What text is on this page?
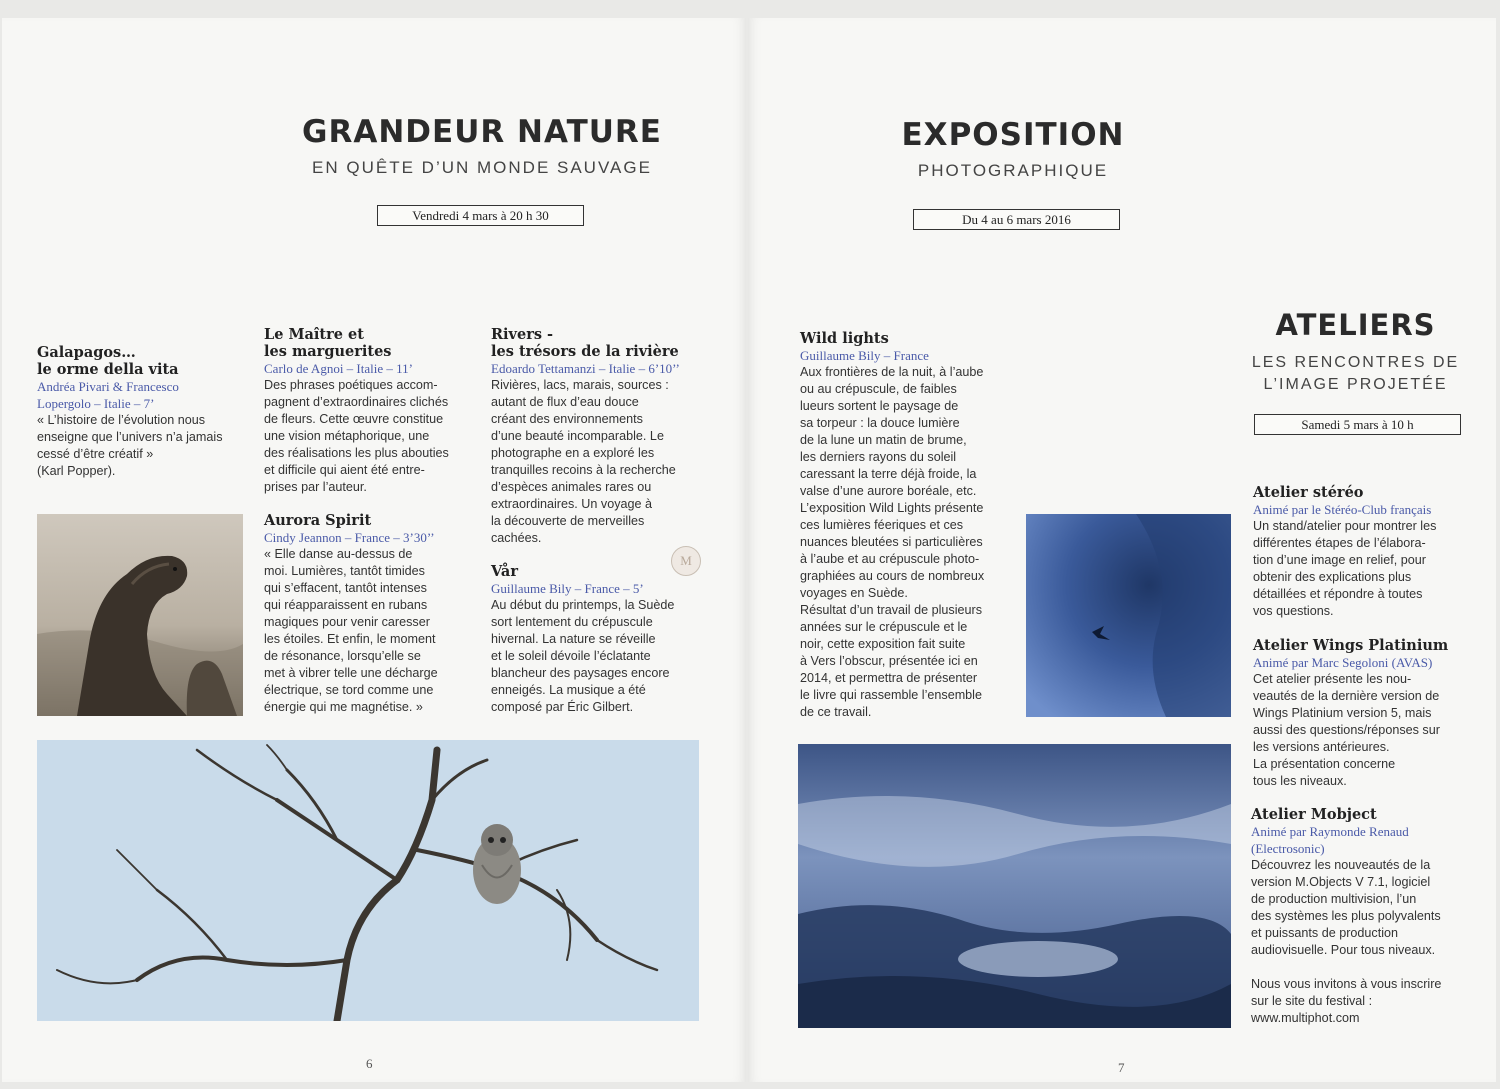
GRANDEUR NATURE

EN QUÊTE D’UN MONDE SAUVAGE

Vendredi 4 mars à 20 h 30
Galapagos…
le orme della vita
Andréa Pivari & Francesco
Lopergolo – Italie – 7’
« L’histoire de l’évolution nous
enseigne que l’univers n’a jamais
cessé d’être créatif »
(Karl Popper).
Le Maître et
les marguerites
Carlo de Agnoi – Italie – 11’
Des phrases poétiques accom-
pagnent d’extraordinaires clichés
de fleurs. Cette œuvre constitue
une vision métaphorique, une
des réalisations les plus abouties
et difficile qui aient été entre-
prises par l’auteur.
Aurora Spirit
Cindy Jeannon – France – 3’30’’
« Elle danse au-dessus de
moi. Lumières, tantôt timides
qui s’effacent, tantôt intenses
qui réapparaissent en rubans
magiques pour venir caresser
les étoiles. Et enfin, le moment
de résonance, lorsqu’elle se
met à vibrer telle une décharge
électrique, se tord comme une
énergie qui me magnétise. »
Rivers -
les trésors de la rivière
Edoardo Tettamanzi – Italie – 6’10’’
Rivières, lacs, marais, sources :
autant de flux d’eau douce
créant des environnements
d’une beauté incomparable. Le
photographe en a exploré les
tranquilles recoins à la recherche
d’espèces animales rares ou
extraordinaires. Un voyage à
la découverte de merveilles
cachées.
Vår
Guillaume Bily – France – 5’
Au début du printemps, la Suède
sort lentement du crépuscule
hivernal. La nature se réveille
et le soleil dévoile l’éclatante
blancheur des paysages encore
enneigés. La musique a été
composé par Éric Gilbert.
M
6
EXPOSITION

PHOTOGRAPHIQUE

Du 4 au 6 mars 2016
Wild lights
Guillaume Bily – France
Aux frontières de la nuit, à l’aube
ou au crépuscule, de faibles
lueurs sortent le paysage de
sa torpeur : la douce lumière
de la lune un matin de brume,
les derniers rayons du soleil
caressant la terre déjà froide, la
valse d’une aurore boréale, etc.
L’exposition Wild Lights présente
ces lumières féeriques et ces
nuances bleutées si particulières
à l’aube et au crépuscule photo-
graphiées au cours de nombreux
voyages en Suède.
Résultat d’un travail de plusieurs
années sur le crépuscule et le
noir, cette exposition fait suite
à Vers l’obscur, présentée ici en
2014, et permettra de présenter
le livre qui rassemble l’ensemble
de ce travail.
ATELIERS

LES RENCONTRES DE
L’IMAGE PROJETÉE

Samedi 5 mars à 10 h
Atelier stéréo
Animé par le Stéréo-Club français
Un stand/atelier pour montrer les
différentes étapes de l’élabora-
tion d’une image en relief, pour
obtenir des explications plus
détaillées et répondre à toutes
vos questions.
Atelier Wings Platinium
Animé par Marc Segoloni (AVAS)
Cet atelier présente les nou-
veautés de la dernière version de
Wings Platinium version 5, mais
aussi des questions/réponses sur
les versions antérieures.
La présentation concerne
tous les niveaux.
Atelier Mobject
Animé par Raymonde Renaud
(Electrosonic)
Découvrez les nouveautés de la
version M.Objects V 7.1, logiciel
de production multivision, l’un
des systèmes les plus polyvalents
et puissants de production
audiovisuelle. Pour tous niveaux.
Nous vous invitons à vous inscrire
sur le site du festival :
www.multiphot.com
7
